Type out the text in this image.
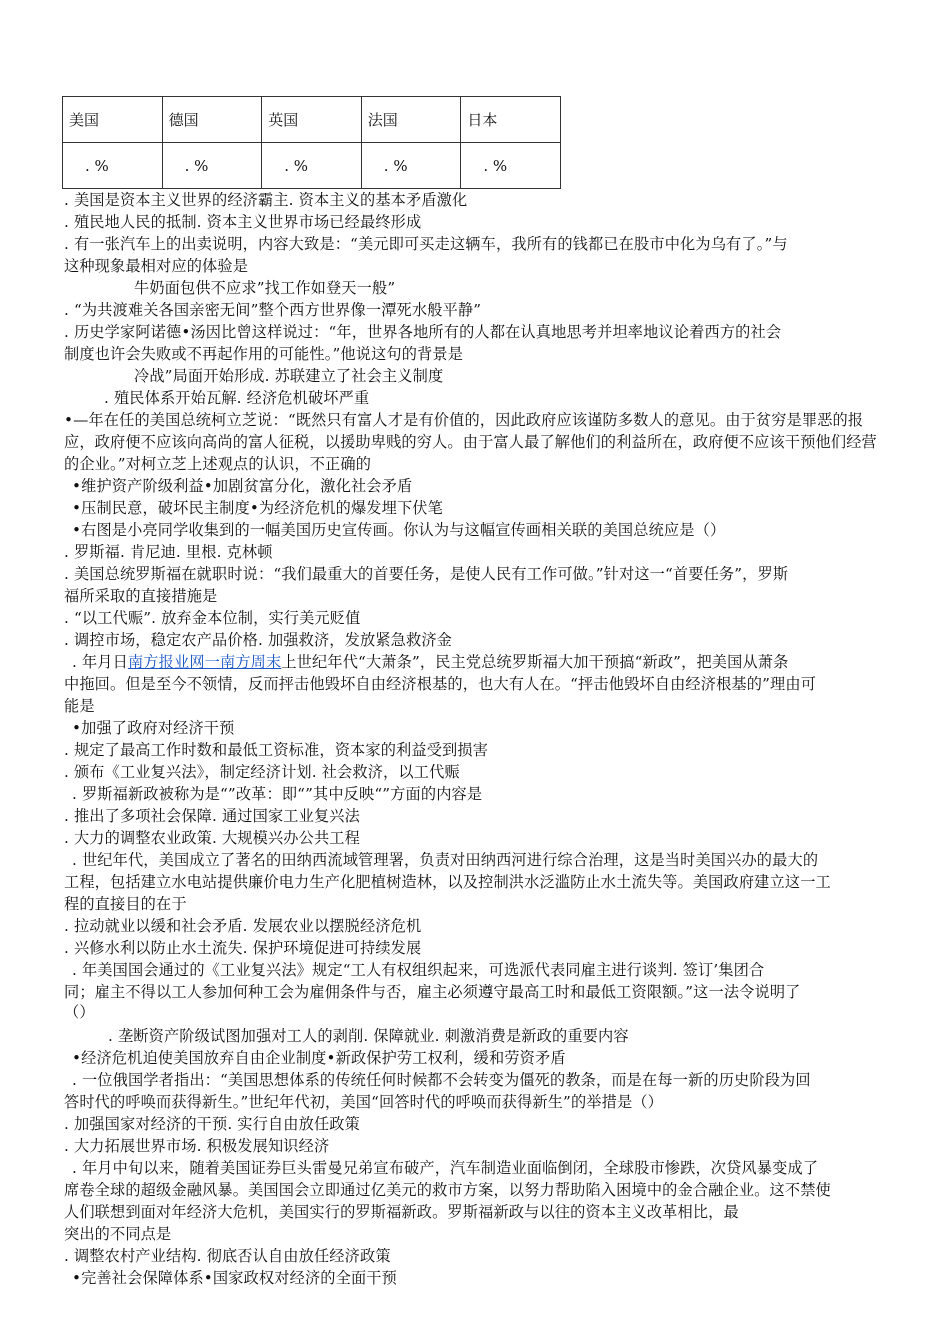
美国	德国	英国	法国	日本
. %	. %	. %	. %	. %
. 美国是资本主义世界的经济霸主. 资本主义的基本矛盾激化
. 殖民地人民的抵制. 资本主义世界市场已经最终形成
. 有一张汽车上的出卖说明，内容大致是：“美元即可买走这辆车，我所有的钱都已在股市中化为乌有了。”与
这种现象最相对应的体验是
牛奶面包供不应求”找工作如登天一般”
. “为共渡难关各国亲密无间”整个西方世界像一潭死水般平静”
. 历史学家阿诺德•汤因比曾这样说过：“年，世界各地所有的人都在认真地思考并坦率地议论着西方的社会
制度也许会失败或不再起作用的可能性。”他说这句的背景是
冷战”局面开始形成. 苏联建立了社会主义制度
. 殖民体系开始瓦解. 经济危机破坏严重
•—年在任的美国总统柯立芝说：“既然只有富人才是有价值的，因此政府应该谨防多数人的意见。由于贫穷是罪恶的报
应，政府便不应该向高尚的富人征税，以援助卑贱的穷人。由于富人最了解他们的利益所在，政府便不应该干预他们经营
的企业。”对柯立芝上述观点的认识，不正确的
•维护资产阶级利益•加剧贫富分化，激化社会矛盾
•压制民意，破坏民主制度•为经济危机的爆发埋下伏笔
•右图是小亮同学收集到的一幅美国历史宣传画。你认为与这幅宣传画相关联的美国总统应是（）
. 罗斯福. 肯尼迪. 里根. 克林顿
. 美国总统罗斯福在就职时说：“我们最重大的首要任务，是使人民有工作可做。”针对这一“首要任务”，罗斯
福所采取的直接措施是
. “以工代赈”. 放弃金本位制，实行美元贬值
. 调控市场，稳定农产品价格. 加强救济，发放紧急救济金
能是
•加强了政府对经济干预
. 规定了最高工作时数和最低工资标准，资本家的利益受到损害
. 颁布《工业复兴法》，制定经济计划. 社会救济，以工代赈
. 罗斯福新政被称为是“”改革：即“”其中反映“”方面的内容是
. 推出了多项社会保障. 通过国家工业复兴法
. 大力的调整农业政策. 大规模兴办公共工程
. 世纪年代，美国成立了著名的田纳西流域管理署，负责对田纳西河进行综合治理，这是当时美国兴办的最大的
工程，包括建立水电站提供廉价电力生产化肥植树造林，以及控制洪水泛滥防止水土流失等。美国政府建立这一工
程的直接目的在于
. 拉动就业以缓和社会矛盾. 发展农业以摆脱经济危机
. 兴修水利以防止水土流失. 保护环境促进可持续发展
. 年美国国会通过的《工业复兴法》规定“工人有权组织起来，可选派代表同雇主进行谈判. 签订’集团合
同；雇主不得以工人参加何种工会为雇佣条件与否，雇主必须遵守最高工时和最低工资限额。”这一法令说明了
（）
. 垄断资产阶级试图加强对工人的剥削. 保障就业. 刺激消费是新政的重要内容
•经济危机迫使美国放弃自由企业制度•新政保护劳工权利，缓和劳资矛盾
. 一位俄国学者指出：“美国思想体系的传统任何时候都不会转变为僵死的教条，而是在每一新的历史阶段为回
答时代的呼唤而获得新生。”世纪年代初，美国“回答时代的呼唤而获得新生”的举措是（）
. 加强国家对经济的干预. 实行自由放任政策
. 大力拓展世界市场. 积极发展知识经济
. 年月中旬以来，随着美国证券巨头雷曼兄弟宣布破产，汽车制造业面临倒闭，全球股市惨跌，次贷风暴变成了
席卷全球的超级金融风暴。美国国会立即通过亿美元的救市方案，以努力帮助陷入困境中的金合融企业。这不禁使
人们联想到面对年经济大危机，美国实行的罗斯福新政。罗斯福新政与以往的资本主义改革相比，最
突出的不同点是
. 调整农村产业结构. 彻底否认自由放任经济政策
•完善社会保障体系•国家政权对经济的全面干预
. 年月日南方报业网一南方周末上世纪年代“大萧条”，民主党总统罗斯福大加干预搞“新政”，把美国从萧条
中拖回。但是至今不领情，反而抨击他毁坏自由经济根基的，也大有人在。“抨击他毁坏自由经济根基的”理由可
